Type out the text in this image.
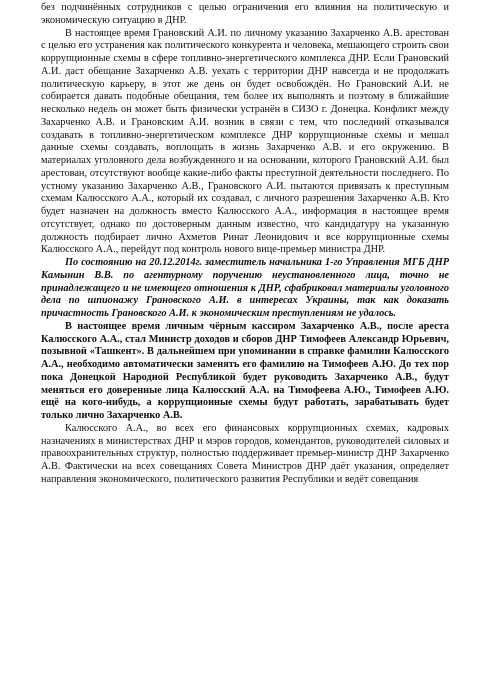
без подчинённых сотрудников с целью ограничения его влияния на политическую и экономическую ситуацию в ДНР.

В настоящее время Грановский А.И. по личному указанию Захарченко А.В. арестован с целью его устранения как политического конкурента и человека, мешающего строить свои коррупционные схемы в сфере топливно-энергетического комплекса ДНР. Если Грановский А.И. даст обещание Захарченко А.В. уехать с территории ДНР навсегда и не продолжать политическую карьеру, в этот же день он будет освобождён. Но Грановский А.И. не собирается давать подобные обещания, тем более их выполнять и поэтому в ближайшие несколько недель он может быть физически устранён в СИЗО г. Донецка. Конфликт между Захарченко А.В. и Грановским А.И. возник в связи с тем, что последний отказывался создавать в топливно-энергетическом комплексе ДНР коррупционные схемы и мешал данные схемы создавать, воплощать в жизнь Захарченко А.В. и его окружению. В материалах уголовного дела возбужденного и на основании, которого Грановский А.И. был арестован, отсутствуют вообще какие-либо факты преступной деятельности последнего. По устному указанию Захарченко А.В., Грановского А.И. пытаются привязать к преступным схемам Калюсского А.А., который их создавал, с личного разрешения Захарченко А.В. Кто будет назначен на должность вместо Калюсского А.А., информация в настоящее время отсутствует, однако по достоверным данным известно, что кандидатуру на указанную должность подбирает лично Ахметов Ринат Леонидович и все коррупционные схемы Калюсского А.А., перейдут под контроль нового вице-премьер министра ДНР.

По состоянию на 20.12.2014г. заместитель начальника 1-го Управления МГБ ДНР Камынин В.В. по агентурному поручению неустановленного лица, точно не принадлежащего и не имеющего отношения к ДНР, сфабриковал материалы уголовного дела по шпионажу Грановского А.И. в интересах Украины, так как доказать причастность Грановского А.И. к экономическим преступлениям не удалось.

В настоящее время личным чёрным кассиром Захарченко А.В., после ареста Калюсского А.А., стал Министр доходов и сборов ДНР Тимофеев Александр Юрьевич, позывной «Ташкент». В дальнейшем при упоминании в справке фамилии Калюсского А.А., необходимо автоматически заменять его фамилию на Тимофеев А.Ю. До тех пор пока Донецкой Народной Республикой будет руководить Захарченко А.В., будут меняться его доверенные лица Калюсский А.А. на Тимофеева А.Ю., Тимофеев А.Ю. ещё на кого-нибудь, а коррупционные схемы будут работать, зарабатывать будет только лично Захарченко А.В.

Калюсского А.А., во всех его финансовых коррупционных схемах, кадровых назначениях в министерствах ДНР и мэров городов, комендантов, руководителей силовых и правоохранительных структур, полностью поддерживает премьер-министр ДНР Захарченко А.В. Фактически на всех совещаниях Совета Министров ДНР даёт указания, определяет направления экономического, политического развития Республики и ведёт совещания
